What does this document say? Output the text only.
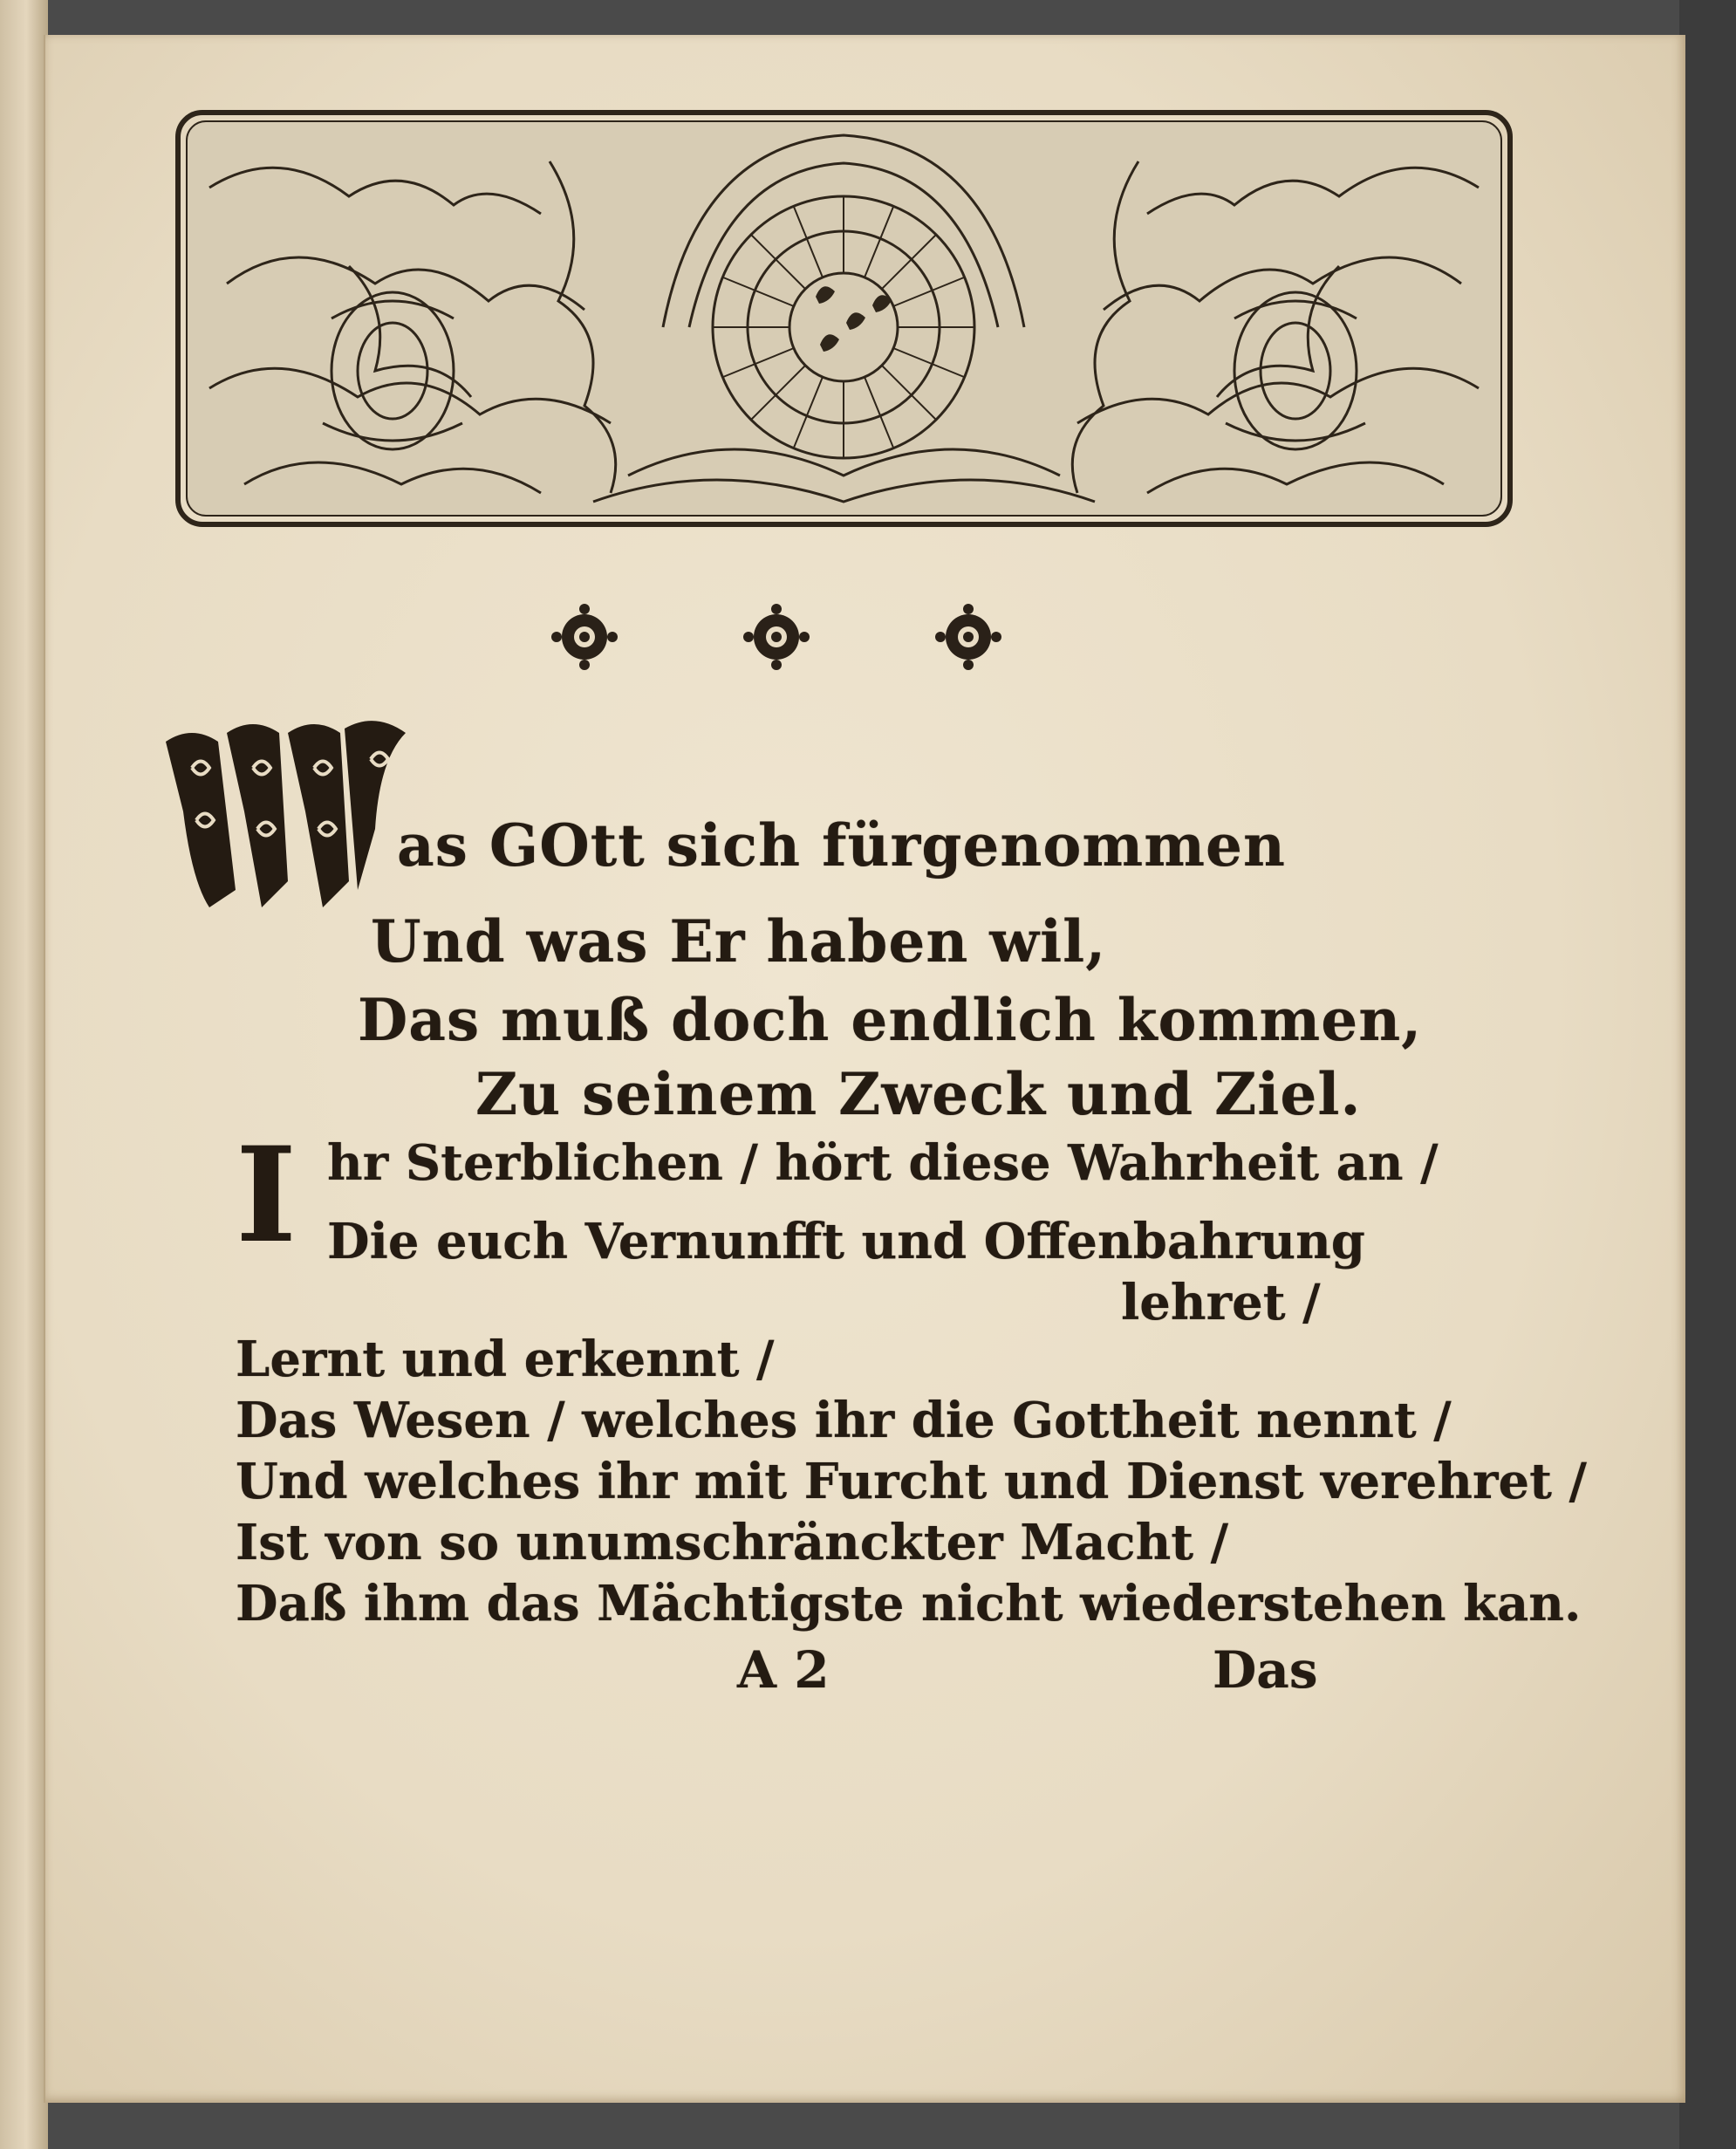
W
as GOtt sich fürgenommen
Und was Er haben wil,
Das muß doch endlich kommen,
Zu seinem Zweck und Ziel.
I hr Sterblichen / hört diese Wahrheit an /
Die euch Vernunfft und Offenbahrung
lehret /
Lernt und erkennt /
Das Wesen / welches ihr die Gottheit nennt /
Und welches ihr mit Furcht und Dienst verehret /
Ist von so unumschränckter Macht /
Daß ihm das Mächtigste nicht wiederstehen kan.
A 2	Das
